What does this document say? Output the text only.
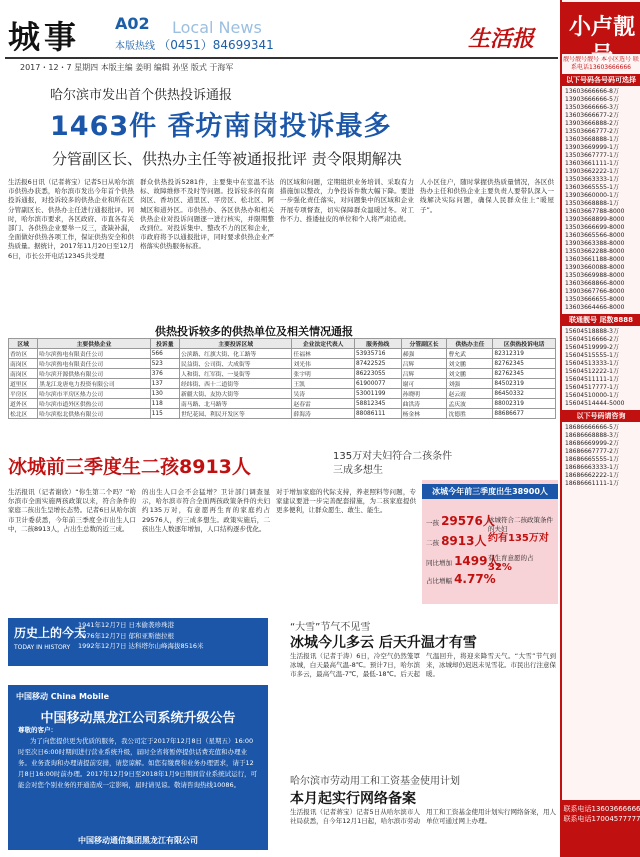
城事 A02 Local News
本版热线 （0451）84699341	生活报
2017・12・7 星期四 本版主编 姜明 编辑 孙坚 版式 于海军
哈尔滨市发出首个供热投诉通报
1463件 香坊南岗投诉最多
分管副区长、供热办主任等被通报批评 责令限期解决
生活报6日讯（记者蒋宝）记者5日从哈尔滨市供热办获悉，哈尔滨市发出今年首个供热投诉通报，对投诉较多的供热企业和所在区分管副区长、供热办主任进行通报批评。同时，哈尔滨市要求，各区政府、市直各有关部门、各供热企业要举一反三，查缺补漏，全面做好供热各项工作，保证供热安全和供热质量。据统计，2017年11月20日至12月6日，市长公开电话12345共受理
群众供热投诉5281件，主要集中在室温不达标、故障维修不及时等问题。投诉较多的有南岗区、香坊区、道里区、平房区、松北区、阿城区和道外区。市供热办、各区供热办和相关供热企业对投诉问题逐一进行核实，并限期整改到位。对投诉集中、整改不力的区和企业，市政府将予以通报批评，同时要求供热企业严格落实供热服务标准。
的区域和问题，定期组织业务培训、采取有力措施加以整改，力争投诉件数大幅下降。要进一步强化责任落实，对问题集中的区域和企业开展专项督查，切实保障群众温暖过冬。对工作不力、推诿扯皮的单位和个人将严肃追责。
人小区住户，随时掌握供热质量情况，各区供热办主任和供热企业主要负责人要带队深入一线解决实际问题，确保人民群众住上“暖屋子”。
供热投诉较多的供热单位及相关情况通报
区域	主要供热企业	投诉量	主要投诉区域	企业法定代表人	服务热线	分管副区长	供热办主任	区供热投诉电话
香坊区	哈尔滨热电有限责任公司	566	公滨路、红旗大街、化工路等	任福林	53935716	郝强	曹允武	82312319
南岗区	哈尔滨热电有限责任公司	523	民益街、公司街、大成街等	刘光伟	87422525	吕辉	刘文鹏	82762345
南岗区	哈尔滨开源供热有限公司	376	人和街、红军街、一曼街等	张宇明	86223055	吕辉	刘文鹏	82762345
道里区	黑龙江龙唐电力投资有限公司	137	经纬街、西十二道街等	王凯	61900077	谢可	刘强	84502319
平房区	哈尔滨市平房区热力公司	130	新疆大街、友协大街等	吴涛	53001199	孙晓明	赵云霞	86450332
道外区	哈尔滨市道外区供热公司	118	南马路、北马路等	赵春雷	58812345	曲洪涛	孟庆波	88002319
松北区	哈尔滨松北供热有限公司	115	世纪花园、利民开发区等	薛海涛	88086111	杨金林	沈德胜	88686677
冰城前三季度生二孩8913人	135万对夫妇符合二孩条件
三成多想生
生活报讯（记者谢欣）“你生第二个吗？”哈尔滨市全面实施两孩政策以来，符合条件的家庭二孩出生呈增长态势。记者6日从哈尔滨市卫计委获悉，今年前三季度全市出生人口中，二孩8913人，占出生总数的近三成。
的出生人口会不会猛增？卫计部门调查显示，哈尔滨市符合全面两孩政策条件的夫妇约135万对，有意愿再生育的家庭约占29576人，约三成多想生。政策实施后，二孩出生人数逐年增加，人口结构逐步优化。
对于增加家庭的代际支持，养老照料等问题，专家建议要进一步完善配套措施，为二孩家庭提供更多便利，让群众愿生、敢生、能生。
冰城今年前三季度出生38900人
一孩 29576人
二孩 8913人
同比增加 1499人
占比增幅 4.77%
冰城符合二孩政策条件的夫妇
约有135万对
有生育意愿的占 32%
历史上的今天
TODAY IN HISTORY
1941年12月7日 日本偷袭珍珠港
1976年12月7日 郁和亚斯德拉根
1992年12月7日 达科塔尔山峰海拔8516米
中国移动 China Mobile
中国移动黑龙江公司系统升级公告
尊敬的客户：
为了向您提供更为优质的服务，我公司定于2017年12月8日（星期五）16:00时至次日6:00时期间进行营业系统升级，届时全省将暂停提供话费充值和办理业务。业务查询和办理请提前安排，请您谅解。如您有缴费和业务办理需求，请于12月8日16:00时前办理。2017年12月9日至2018年1月9日期间营业系统试运行，可能会对您个别业务的开通造成一定影响，届时请见谅。敬请咨询热线10086。
中国移动通信集团黑龙江有限公司
“大雪”节气不见雪
冰城今儿多云 后天升温才有雪
生活报讯（记者于涛）6日，冷空气仍然笼罩冰城，白天最高气温-8℃。预计7日，哈尔滨市多云，最高气温-7℃，最低-18℃。后天起气温回升，将迎来降雪天气。“大雪”节气到来，冰城却仍迟迟未见雪花。市民出行注意保暖。
哈尔滨市劳动用工和工资基金使用计划
本月起实行网络备案
生活报讯（记者蒋宝）记者5日从哈尔滨市人社局获悉，自今年12月1日起，哈尔滨市劳动用工和工资基金使用计划实行网络备案，用人单位可通过网上办理。
小卢靓号
靓号靓号靓号 本小区选号 联系电话13603666666
以下号码各号码可选择
13603666666-8万
13903666666-5万
13503666666-3万
13603666677-2万
13903666888-2万
13503666777-2万
13603668888-1万
13903669999-1万
13503667777-1万
13603661111-1万
13903662222-1万
13503663333-1万
13603665555-1万
13903660000-1万
13503668888-1万
13603667788-8000
13903668899-8000
13503666699-8000
13603665566-8000
13903663388-8000
13503662288-8000
13603661188-8000
13903660088-8000
13503669988-8000
13603668866-8000
13903667766-8000
13503666655-8000
13603664466-8000
联通靓号 尾数8888
15604518888-3万
15604516666-2万
15604519999-2万
15604515555-1万
15604513333-1万
15604512222-1万
15604511111-1万
15604517777-1万
15604510000-1万
15604514444-5000
以下号码请咨询
18686666666-5万
18686668888-3万
18686669999-2万
18686667777-2万
18686665555-1万
18686663333-1万
18686662222-1万
18686661111-1万
联系电话13603666666 联系电话17004577777
